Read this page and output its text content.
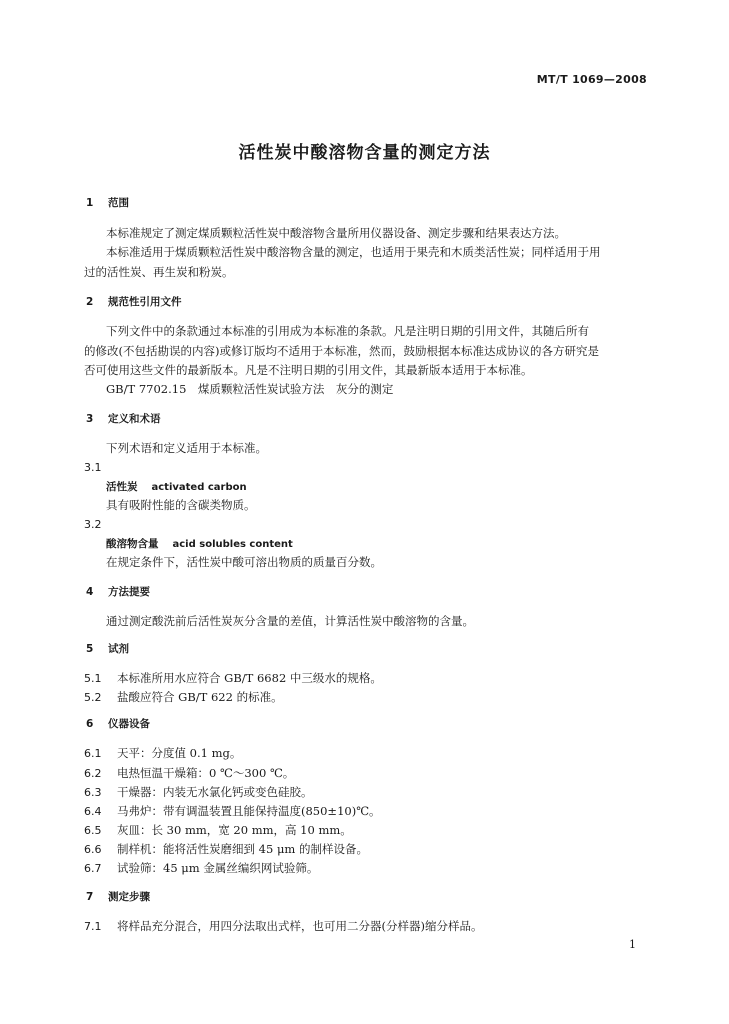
MT/T 1069—2008
活性炭中酸溶物含量的测定方法
1 范围
本标准规定了测定煤质颗粒活性炭中酸溶物含量所用仪器设备、测定步骤和结果表达方法。
本标准适用于煤质颗粒活性炭中酸溶物含量的测定，也适用于果壳和木质类活性炭；同样适用于用
过的活性炭、再生炭和粉炭。
2 规范性引用文件
下列文件中的条款通过本标准的引用成为本标准的条款。凡是注明日期的引用文件，其随后所有
的修改(不包括勘误的内容)或修订版均不适用于本标准，然而，鼓励根据本标准达成协议的各方研究是
否可使用这些文件的最新版本。凡是不注明日期的引用文件，其最新版本适用于本标准。
GB/T 7702.15　煤质颗粒活性炭试验方法　灰分的测定
3 定义和术语
下列术语和定义适用于本标准。
3.1
活性炭 activated carbon
具有吸附性能的含碳类物质。
3.2
酸溶物含量 acid solubles content
在规定条件下，活性炭中酸可溶出物质的质量百分数。
4 方法提要
通过测定酸洗前后活性炭灰分含量的差值，计算活性炭中酸溶物的含量。
5 试剂
5.1 本标准所用水应符合 GB/T 6682 中三级水的规格。
5.2 盐酸应符合 GB/T 622 的标准。
6 仪器设备
6.1 天平：分度值 0.1 mg。
6.2 电热恒温干燥箱：0 ℃～300 ℃。
6.3 干燥器：内装无水氯化钙或变色硅胶。
6.4 马弗炉：带有调温装置且能保持温度(850±10)℃。
6.5 灰皿：长 30 mm，宽 20 mm，高 10 mm。
6.6 制样机：能将活性炭磨细到 45 μm 的制样设备。
6.7 试验筛：45 μm 金属丝编织网试验筛。
7 测定步骤
7.1 将样品充分混合，用四分法取出式样，也可用二分器(分样器)缩分样品。
1
